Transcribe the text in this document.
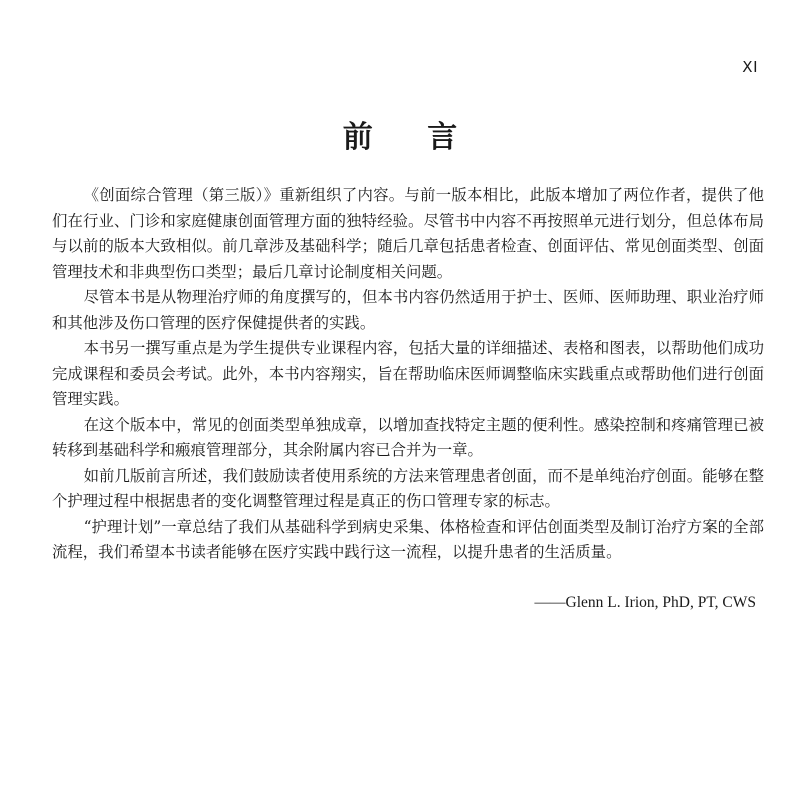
XI
前 言

《创面综合管理（第三版）》重新组织了内容。与前一版本相比，此版本增加了两位作者，提供了他们在行业、门诊和家庭健康创面管理方面的独特经验。尽管书中内容不再按照单元进行划分，但总体布局与以前的版本大致相似。前几章涉及基础科学；随后几章包括患者检查、创面评估、常见创面类型、创面管理技术和非典型伤口类型；最后几章讨论制度相关问题。

尽管本书是从物理治疗师的角度撰写的，但本书内容仍然适用于护士、医师、医师助理、职业治疗师和其他涉及伤口管理的医疗保健提供者的实践。

本书另一撰写重点是为学生提供专业课程内容，包括大量的详细描述、表格和图表，以帮助他们成功完成课程和委员会考试。此外，本书内容翔实，旨在帮助临床医师调整临床实践重点或帮助他们进行创面管理实践。

在这个版本中，常见的创面类型单独成章，以增加查找特定主题的便利性。感染控制和疼痛管理已被转移到基础科学和瘢痕管理部分，其余附属内容已合并为一章。

如前几版前言所述，我们鼓励读者使用系统的方法来管理患者创面，而不是单纯治疗创面。能够在整个护理过程中根据患者的变化调整管理过程是真正的伤口管理专家的标志。

“护理计划”一章总结了我们从基础科学到病史采集、体格检查和评估创面类型及制订治疗方案的全部流程，我们希望本书读者能够在医疗实践中践行这一流程，以提升患者的生活质量。

——Glenn L. Irion, PhD, PT, CWS
